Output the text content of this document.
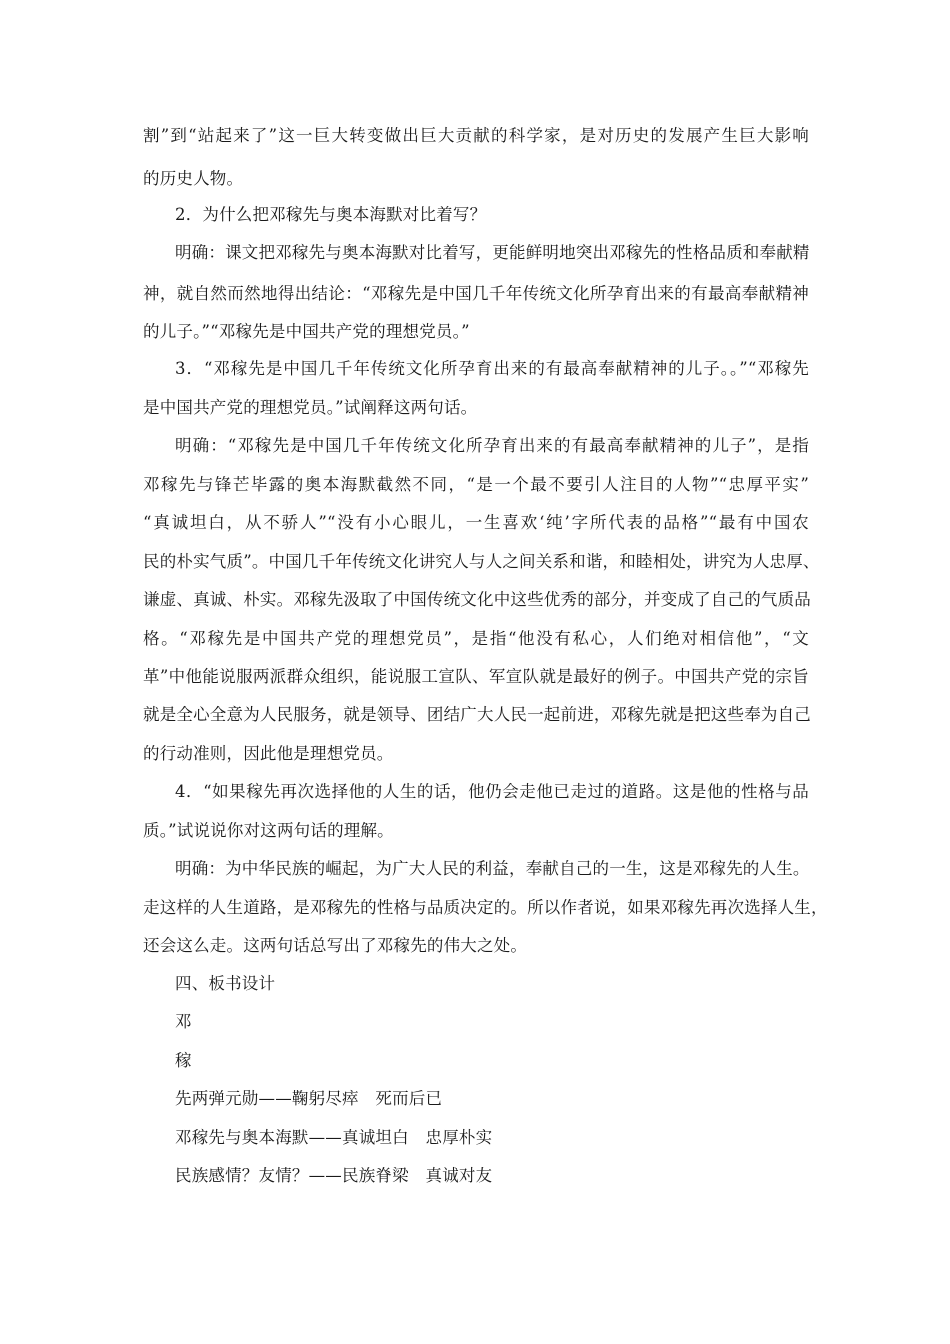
割”到“站起来了”这一巨大转变做出巨大贡献的科学家，是对历史的发展产生巨大影响
的历史人物。
2．为什么把邓稼先与奥本海默对比着写？
明确：课文把邓稼先与奥本海默对比着写，更能鲜明地突出邓稼先的性格品质和奉献精
神，就自然而然地得出结论：“邓稼先是中国几千年传统文化所孕育出来的有最高奉献精神
的儿子。”“邓稼先是中国共产党的理想党员。”
3．“邓稼先是中国几千年传统文化所孕育出来的有最高奉献精神的儿子。。”“邓稼先
是中国共产党的理想党员。”试阐释这两句话。
明确：“邓稼先是中国几千年传统文化所孕育出来的有最高奉献精神的儿子”，是指
邓稼先与锋芒毕露的奥本海默截然不同，“是一个最不要引人注目的人物”“忠厚平实”
“真诚坦白，从不骄人”“没有小心眼儿，一生喜欢‘纯’字所代表的品格”“最有中国农
民的朴实气质”。中国几千年传统文化讲究人与人之间关系和谐，和睦相处，讲究为人忠厚、
谦虚、真诚、朴实。邓稼先汲取了中国传统文化中这些优秀的部分，并变成了自己的气质品
格。“邓稼先是中国共产党的理想党员”，是指“他没有私心，人们绝对相信他”，“文
革”中他能说服两派群众组织，能说服工宣队、军宣队就是最好的例子。中国共产党的宗旨
就是全心全意为人民服务，就是领导、团结广大人民一起前进，邓稼先就是把这些奉为自己
的行动准则，因此他是理想党员。
4．“如果稼先再次选择他的人生的话，他仍会走他已走过的道路。这是他的性格与品
质。”试说说你对这两句话的理解。
明确：为中华民族的崛起，为广大人民的利益，奉献自己的一生，这是邓稼先的人生。
走这样的人生道路，是邓稼先的性格与品质决定的。所以作者说，如果邓稼先再次选择人生，
还会这么走。这两句话总写出了邓稼先的伟大之处。
四、板书设计
邓
稼
先两弹元勋——鞠躬尽瘁　死而后已
邓稼先与奥本海默——真诚坦白　忠厚朴实
民族感情？友情？——民族脊梁　真诚对友
